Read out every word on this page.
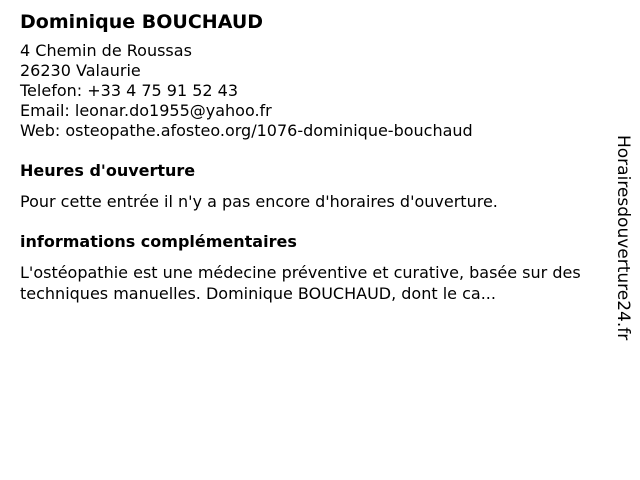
Dominique BOUCHAUD
4 Chemin de Roussas
26230 Valaurie
Telefon: +33 4 75 91 52 43
Email: leonar.do1955@yahoo.fr
Web: osteopathe.afosteo.org/1076-dominique-bouchaud
Heures d'ouverture
Pour cette entrée il n'y a pas encore d'horaires d'ouverture.
informations complémentaires
L'ostéopathie est une médecine préventive et curative, basée sur des techniques manuelles. Dominique BOUCHAUD, dont le ca...	Horairesdouverture24.fr
